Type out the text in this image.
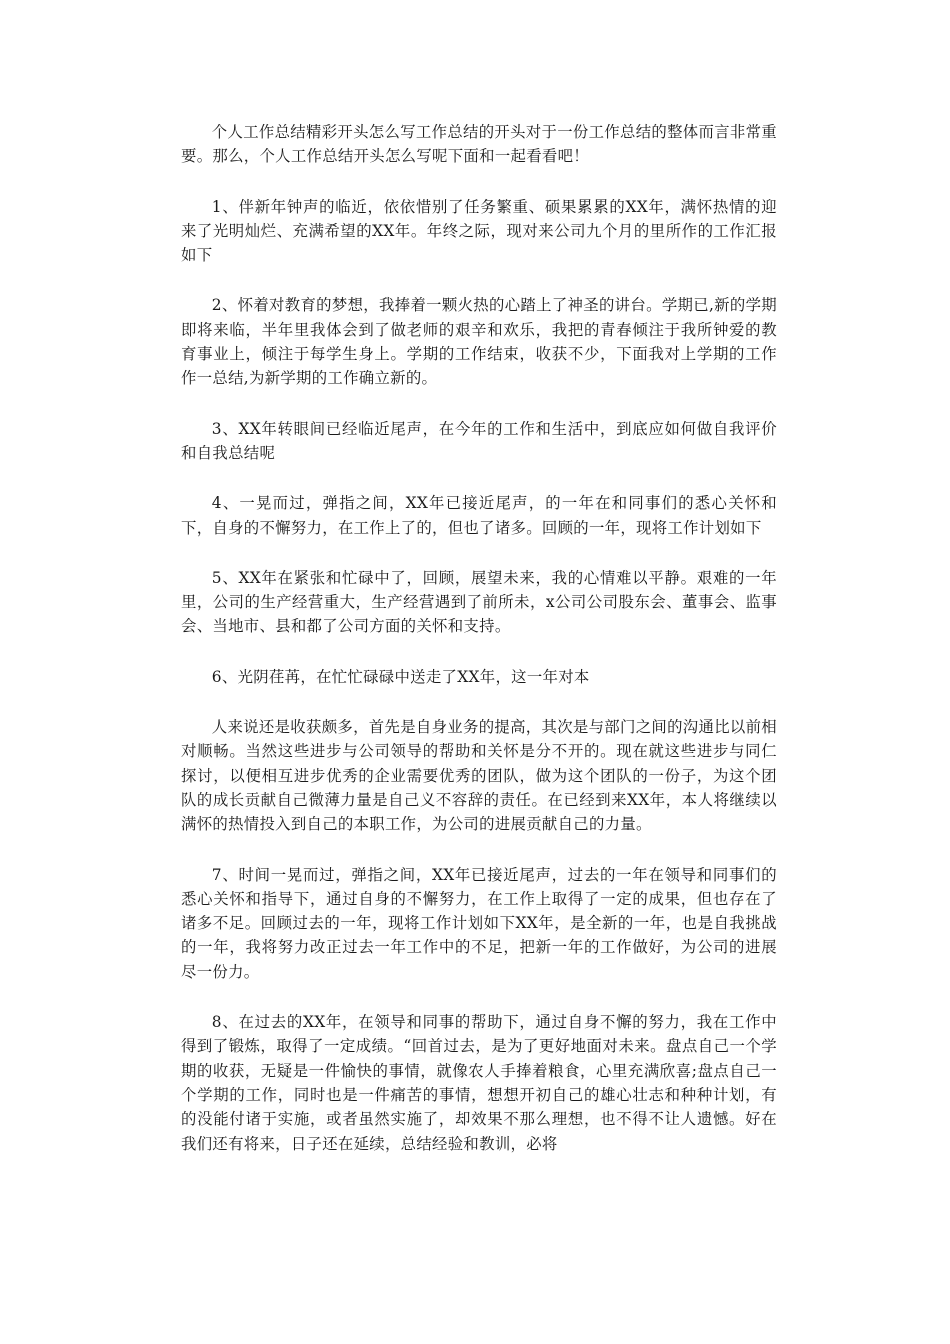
个人工作总结精彩开头怎么写工作总结的开头对于一份工作总结的整体而言非常重要。那么，个人工作总结开头怎么写呢下面和一起看看吧！

1、伴新年钟声的临近，依依惜别了任务繁重、硕果累累的XX年，满怀热情的迎来了光明灿烂、充满希望的XX年。年终之际，现对来公司九个月的里所作的工作汇报如下

2、怀着对教育的梦想，我捧着一颗火热的心踏上了神圣的讲台。学期已,新的学期即将来临，半年里我体会到了做老师的艰辛和欢乐，我把的青春倾注于我所钟爱的教育事业上，倾注于每学生身上。学期的工作结束，收获不少，下面我对上学期的工作作一总结,为新学期的工作确立新的。

3、XX年转眼间已经临近尾声，在今年的工作和生活中，到底应如何做自我评价和自我总结呢

4、一晃而过，弹指之间，XX年已接近尾声，的一年在和同事们的悉心关怀和下，自身的不懈努力，在工作上了的，但也了诸多。回顾的一年，现将工作计划如下

5、XX年在紧张和忙碌中了，回顾，展望未来，我的心情难以平静。艰难的一年里，公司的生产经营重大，生产经营遇到了前所未，x公司公司股东会、董事会、监事会、当地市、县和都了公司方面的关怀和支持。

6、光阴荏苒，在忙忙碌碌中送走了XX年，这一年对本

人来说还是收获颇多，首先是自身业务的提高，其次是与部门之间的沟通比以前相对顺畅。当然这些进步与公司领导的帮助和关怀是分不开的。现在就这些进步与同仁探讨，以便相互进步优秀的企业需要优秀的团队，做为这个团队的一份子，为这个团队的成长贡献自己微薄力量是自己义不容辞的责任。在已经到来XX年，本人将继续以满怀的热情投入到自己的本职工作，为公司的进展贡献自己的力量。

7、时间一晃而过，弹指之间，XX年已接近尾声，过去的一年在领导和同事们的悉心关怀和指导下，通过自身的不懈努力，在工作上取得了一定的成果，但也存在了诸多不足。回顾过去的一年，现将工作计划如下XX年，是全新的一年，也是自我挑战的一年，我将努力改正过去一年工作中的不足，把新一年的工作做好，为公司的进展尽一份力。

8、在过去的XX年，在领导和同事的帮助下，通过自身不懈的努力，我在工作中得到了锻炼，取得了一定成绩。“回首过去，是为了更好地面对未来。盘点自己一个学期的收获，无疑是一件愉快的事情，就像农人手捧着粮食，心里充满欣喜;盘点自己一个学期的工作，同时也是一件痛苦的事情，想想开初自己的雄心壮志和种种计划，有的没能付诸于实施，或者虽然实施了，却效果不那么理想，也不得不让人遗憾。好在我们还有将来，日子还在延续，总结经验和教训，必将
